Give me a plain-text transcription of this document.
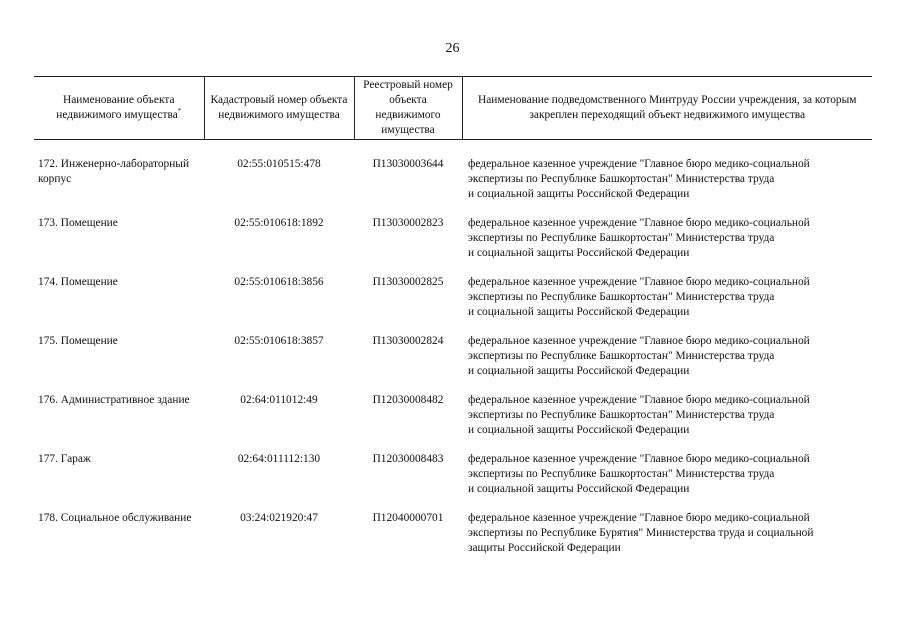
26
Наименование объекта недвижимого имущества*	Кадастровый номер объекта недвижимого имущества	Реестровый номер объекта недвижимого имущества	Наименование подведомственного Минтруду России учреждения, за которым закреплен переходящий объект недвижимого имущества
172. Инженерно-лабораторный корпус	02:55:010515:478	П13030003644	федеральное казенное учреждение "Главное бюро медико-социальной
экспертизы по Республике Башкортостан" Министерства труда
и социальной защиты Российской Федерации
173. Помещение	02:55:010618:1892	П13030002823	федеральное казенное учреждение "Главное бюро медико-социальной
экспертизы по Республике Башкортостан" Министерства труда
и социальной защиты Российской Федерации
174. Помещение	02:55:010618:3856	П13030002825	федеральное казенное учреждение "Главное бюро медико-социальной
экспертизы по Республике Башкортостан" Министерства труда
и социальной защиты Российской Федерации
175. Помещение	02:55:010618:3857	П13030002824	федеральное казенное учреждение "Главное бюро медико-социальной
экспертизы по Республике Башкортостан" Министерства труда
и социальной защиты Российской Федерации
176. Административное здание	02:64:011012:49	П12030008482	федеральное казенное учреждение "Главное бюро медико-социальной
экспертизы по Республике Башкортостан" Министерства труда
и социальной защиты Российской Федерации
177. Гараж	02:64:011112:130	П12030008483	федеральное казенное учреждение "Главное бюро медико-социальной
экспертизы по Республике Башкортостан" Министерства труда
и социальной защиты Российской Федерации
178. Социальное обслуживание	03:24:021920:47	П12040000701	федеральное казенное учреждение "Главное бюро медико-социальной
экспертизы по Республике Бурятия" Министерства труда и социальной
защиты Российской Федерации
